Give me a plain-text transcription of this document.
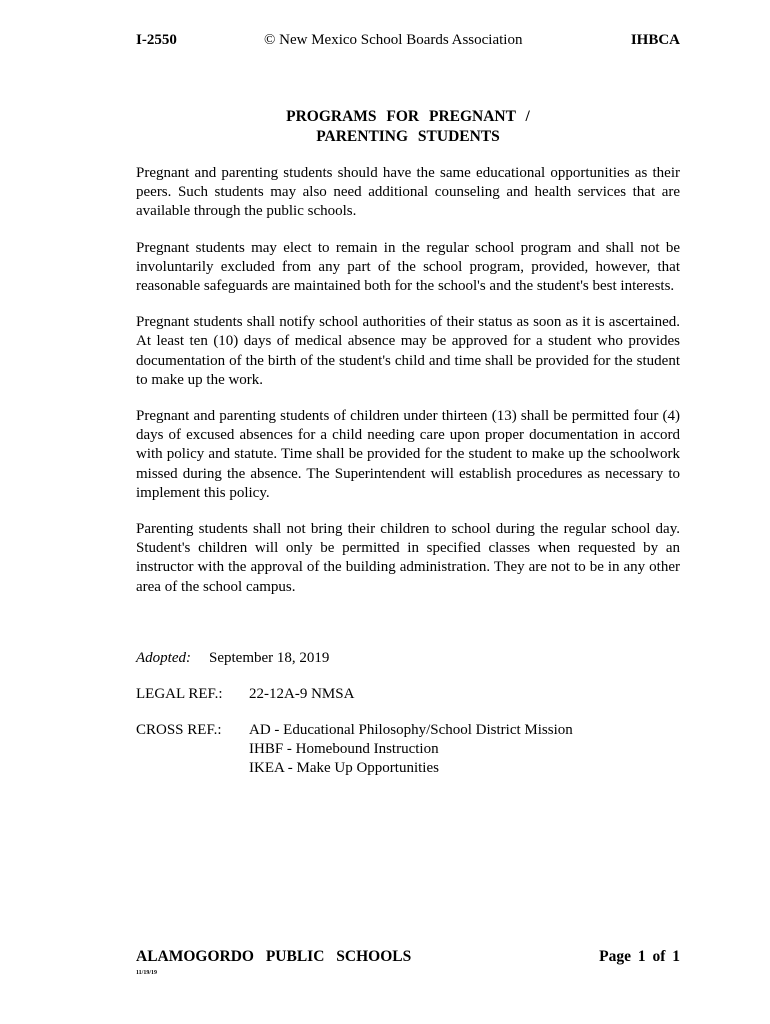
I-2550	© New Mexico School Boards Association	IHBCA
PROGRAMS FOR PREGNANT /
PARENTING STUDENTS

Pregnant and parenting students should have the same educational opportunities as their peers. Such students may also need additional counseling and health services that are available through the public schools.

Pregnant students may elect to remain in the regular school program and shall not be involuntarily excluded from any part of the school program, provided, however, that reasonable safeguards are maintained both for the school's and the student's best interests.

Pregnant students shall notify school authorities of their status as soon as it is ascertained. At least ten (10) days of medical absence may be approved for a student who provides documentation of the birth of the student's child and time shall be provided for the student to make up the work.

Pregnant and parenting students of children under thirteen (13) shall be permitted four (4) days of excused absences for a child needing care upon proper documentation in accord with policy and statute. Time shall be provided for the student to make up the schoolwork missed during the absence. The Superintendent will establish procedures as necessary to implement this policy.

Parenting students shall not bring their children to school during the regular school day. Student's children will only be permitted in specified classes when requested by an instructor with the approval of the building administration. They are not to be in any other area of the school campus.

Adopted: September 18, 2019
LEGAL REF.: 22-12A-9 NMSA
CROSS REF.: AD - Educational Philosophy/School District Mission
IHBF - Homebound Instruction
IKEA - Make Up Opportunities
ALAMOGORDO PUBLIC SCHOOLS	Page 1 of 1
11/19/19
